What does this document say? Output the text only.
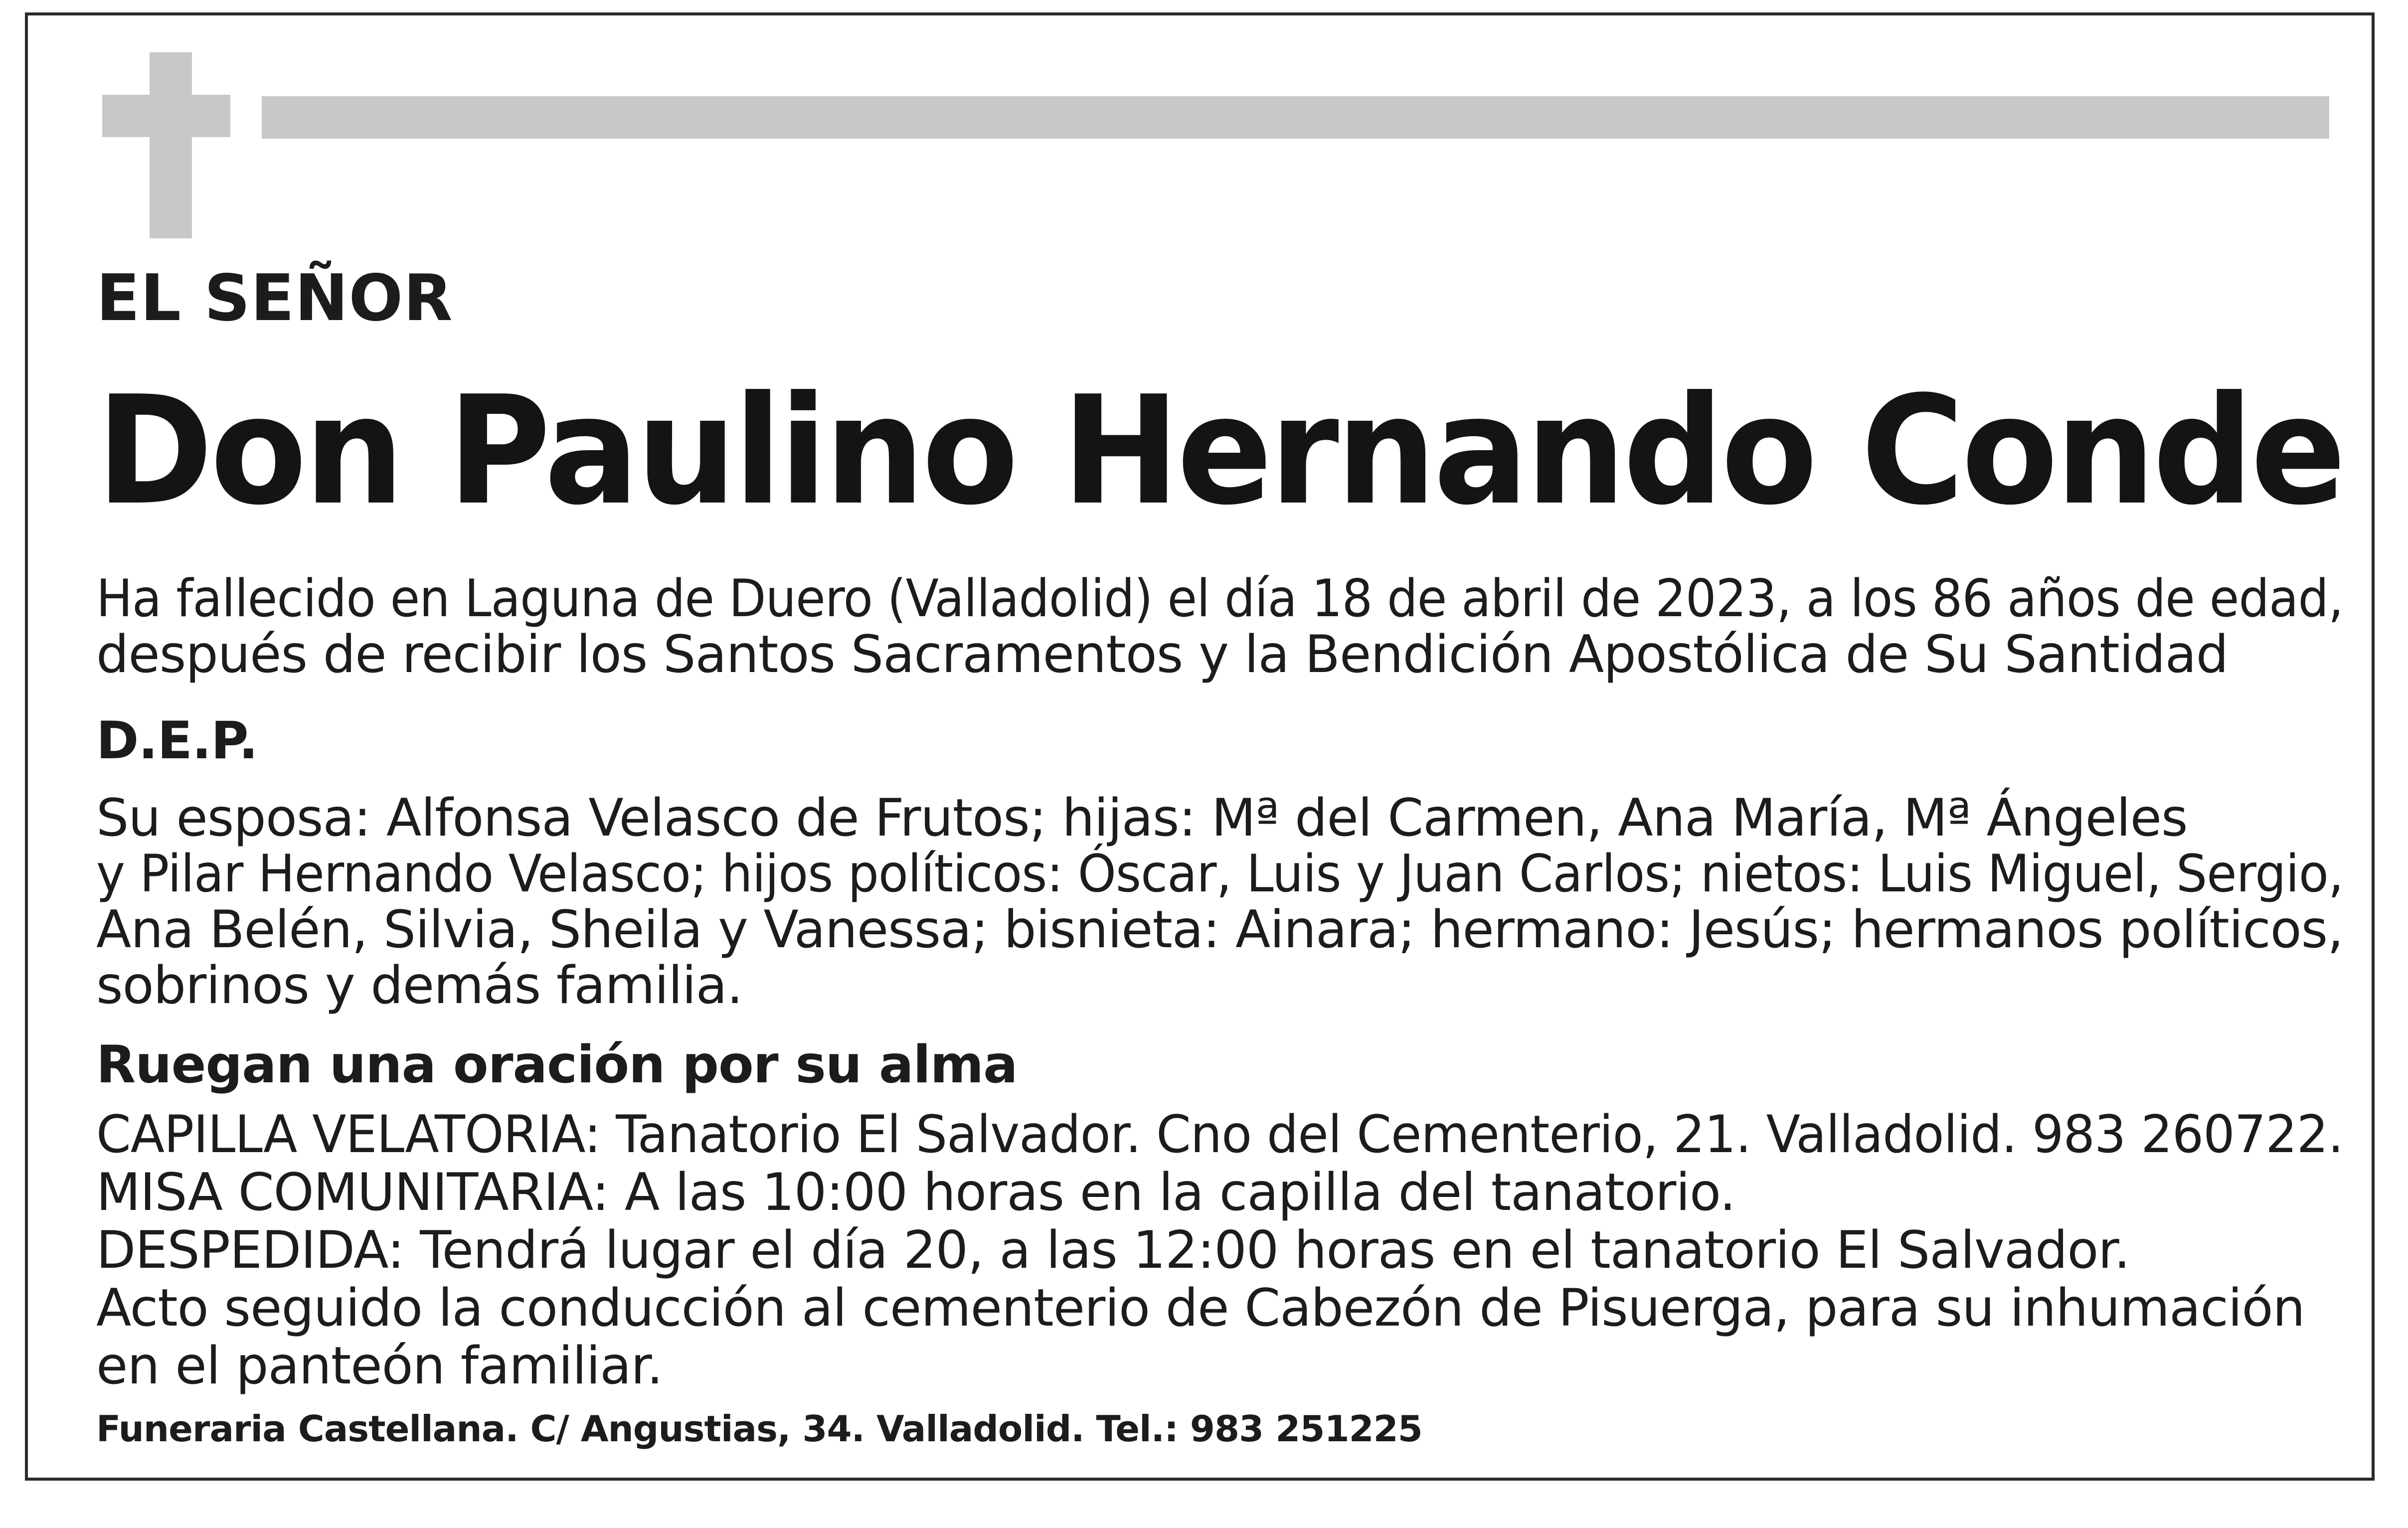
EL SEÑOR
Don Paulino Hernando Conde
Ha fallecido en Laguna de Duero (Valladolid) el día 18 de abril de 2023, a los 86 años de edad,
después de recibir los Santos Sacramentos y la Bendición Apostólica de Su Santidad
D.E.P.
Su esposa: Alfonsa Velasco de Frutos; hijas: Mª del Carmen, Ana María, Mª Ángeles
y Pilar Hernando Velasco; hijos políticos: Óscar, Luis y Juan Carlos; nietos: Luis Miguel, Sergio,
Ana Belén, Silvia, Sheila y Vanessa; bisnieta: Ainara; hermano: Jesús; hermanos políticos,
sobrinos y demás familia.
Ruegan una oración por su alma
CAPILLA VELATORIA: Tanatorio El Salvador. Cno del Cementerio, 21. Valladolid. 983 260722.
MISA COMUNITARIA: A las 10:00 horas en la capilla del tanatorio.
DESPEDIDA: Tendrá lugar el día 20, a las 12:00 horas en el tanatorio El Salvador.
Acto seguido la conducción al cementerio de Cabezón de Pisuerga, para su inhumación
en el panteón familiar.
Funeraria Castellana. C/ Angustias, 34. Valladolid. Tel.: 983 251225
